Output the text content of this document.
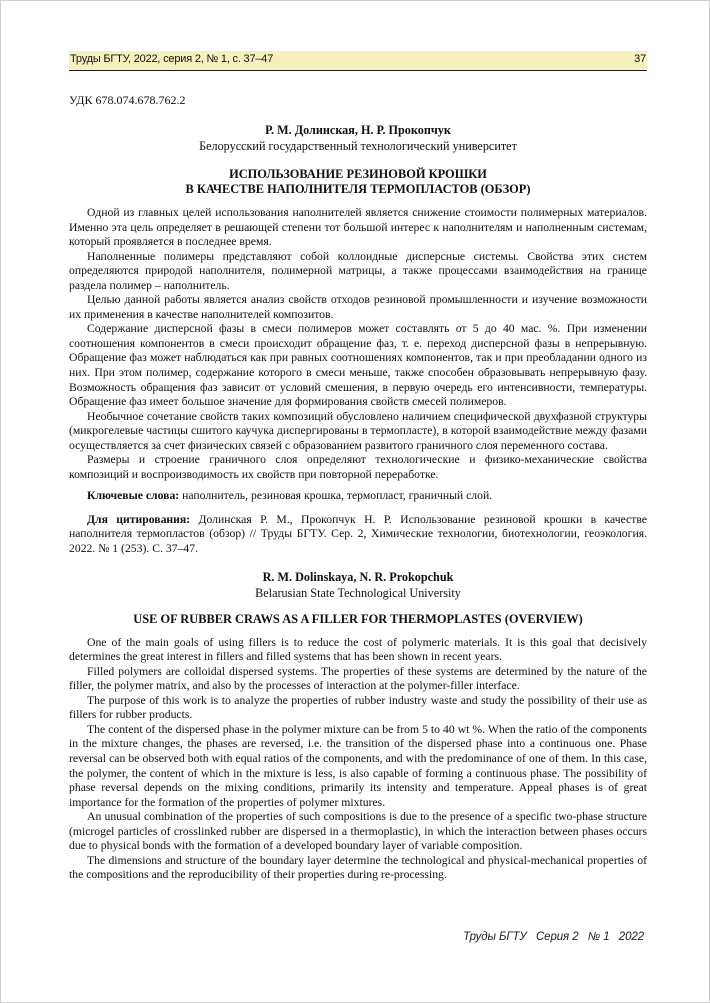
Труды БГТУ, 2022, серия 2, № 1, с. 37–47	37
УДК 678.074.678.762.2
Р. М. Долинская, Н. Р. Прокопчук
Белорусский государственный технологический университет
ИСПОЛЬЗОВАНИЕ РЕЗИНОВОЙ КРОШКИ
В КАЧЕСТВЕ НАПОЛНИТЕЛЯ ТЕРМОПЛАСТОВ (ОБЗОР)

Одной из главных целей использования наполнителей является снижение стоимости полимерных материалов. Именно эта цель определяет в решающей степени тот большой интерес к наполнителям и наполненным системам, который проявляется в последнее время.

Наполненные полимеры представляют собой коллоидные дисперсные системы. Свойства этих систем определяются природой наполнителя, полимерной матрицы, а также процессами взаимодействия на границе раздела полимер – наполнитель.

Целью данной работы является анализ свойств отходов резиновой промышленности и изучение возможности их применения в качестве наполнителей композитов.

Содержание дисперсной фазы в смеси полимеров может составлять от 5 до 40 мас. %. При изменении соотношения компонентов в смеси происходит обращение фаз, т. е. переход дисперсной фазы в непрерывную. Обращение фаз может наблюдаться как при равных соотношениях компонентов, так и при преобладании одного из них. При этом полимер, содержание которого в смеси меньше, также способен образовывать непрерывную фазу. Возможность обращения фаз зависит от условий смешения, в первую очередь его интенсивности, температуры. Обращение фаз имеет большое значение для формирования свойств смесей полимеров.

Необычное сочетание свойств таких композиций обусловлено наличием специфической двухфазной структуры (микрогелевые частицы сшитого каучука диспергированы в термопласте), в которой взаимодействие между фазами осуществляется за счет физических связей с образованием развитого граничного слоя переменного состава.

Размеры и строение граничного слоя определяют технологические и физико-механические свойства композиций и воспроизводимость их свойств при повторной переработке.

Ключевые слова: наполнитель, резиновая крошка, термопласт, граничный слой.

Для цитирования: Долинская Р. М., Прокопчук Н. Р. Использование резиновой крошки в качестве наполнителя термопластов (обзор) // Труды БГТУ. Сер. 2, Химические технологии, биотехнологии, геоэкология. 2022. № 1 (253). С. 37–47.

R. M. Dolinskaya, N. R. Prokopchuk
Belarusian State Technological University
USE OF RUBBER CRAWS AS A FILLER FOR THERMOPLASTES (OVERVIEW)

One of the main goals of using fillers is to reduce the cost of polymeric materials. It is this goal that decisively determines the great interest in fillers and filled systems that has been shown in recent years.

Filled polymers are colloidal dispersed systems. The properties of these systems are determined by the nature of the filler, the polymer matrix, and also by the processes of interaction at the polymer-filler interface.

The purpose of this work is to analyze the properties of rubber industry waste and study the possibility of their use as fillers for rubber products.

The content of the dispersed phase in the polymer mixture can be from 5 to 40 wt %. When the ratio of the components in the mixture changes, the phases are reversed, i.e. the transition of the dispersed phase into a continuous one. Phase reversal can be observed both with equal ratios of the components, and with the predominance of one of them. In this case, the polymer, the content of which in the mixture is less, is also capable of forming a continuous phase. The possibility of phase reversal depends on the mixing conditions, primarily its intensity and temperature. Appeal phases is of great importance for the formation of the properties of polymer mixtures.

An unusual combination of the properties of such compositions is due to the presence of a specific two-phase structure (microgel particles of crosslinked rubber are dispersed in a thermoplastic), in which the interaction between phases occurs due to physical bonds with the formation of a developed boundary layer of variable composition.

The dimensions and structure of the boundary layer determine the technological and physical-mechanical properties of the compositions and the reproducibility of their properties during re-processing.

Труды БГТУ   Серия 2   № 1   2022
